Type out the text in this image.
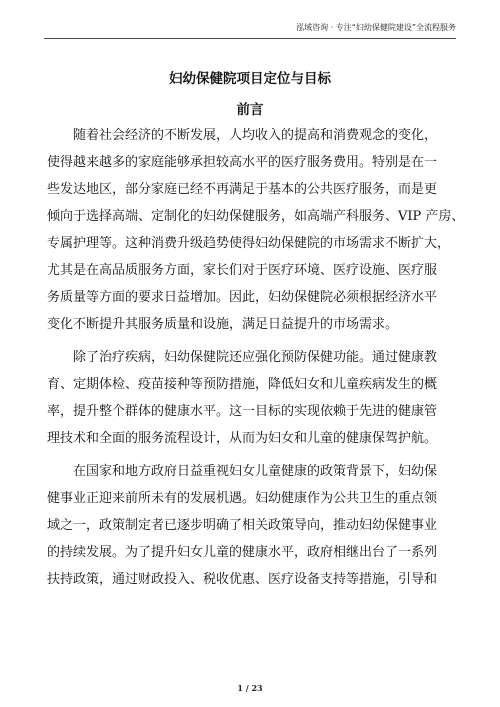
泓域咨询 · 专注“妇幼保健院建设”全流程服务
妇幼保健院项目定位与目标
前言
随着社会经济的不断发展，人均收入的提高和消费观念的变化，
使得越来越多的家庭能够承担较高水平的医疗服务费用。特别是在一
些发达地区，部分家庭已经不再满足于基本的公共医疗服务，而是更
倾向于选择高端、定制化的妇幼保健服务，如高端产科服务、VIP 产房、
专属护理等。这种消费升级趋势使得妇幼保健院的市场需求不断扩大，
尤其是在高品质服务方面，家长们对于医疗环境、医疗设施、医疗服
务质量等方面的要求日益增加。因此，妇幼保健院必须根据经济水平
变化不断提升其服务质量和设施，满足日益提升的市场需求。
除了治疗疾病，妇幼保健院还应强化预防保健功能。通过健康教
育、定期体检、疫苗接种等预防措施，降低妇女和儿童疾病发生的概
率，提升整个群体的健康水平。这一目标的实现依赖于先进的健康管
理技术和全面的服务流程设计，从而为妇女和儿童的健康保驾护航。
在国家和地方政府日益重视妇女儿童健康的政策背景下，妇幼保
健事业正迎来前所未有的发展机遇。妇幼健康作为公共卫生的重点领
域之一，政策制定者已逐步明确了相关政策导向，推动妇幼保健事业
的持续发展。为了提升妇女儿童的健康水平，政府相继出台了一系列
扶持政策，通过财政投入、税收优惠、医疗设备支持等措施，引导和
1 / 23
